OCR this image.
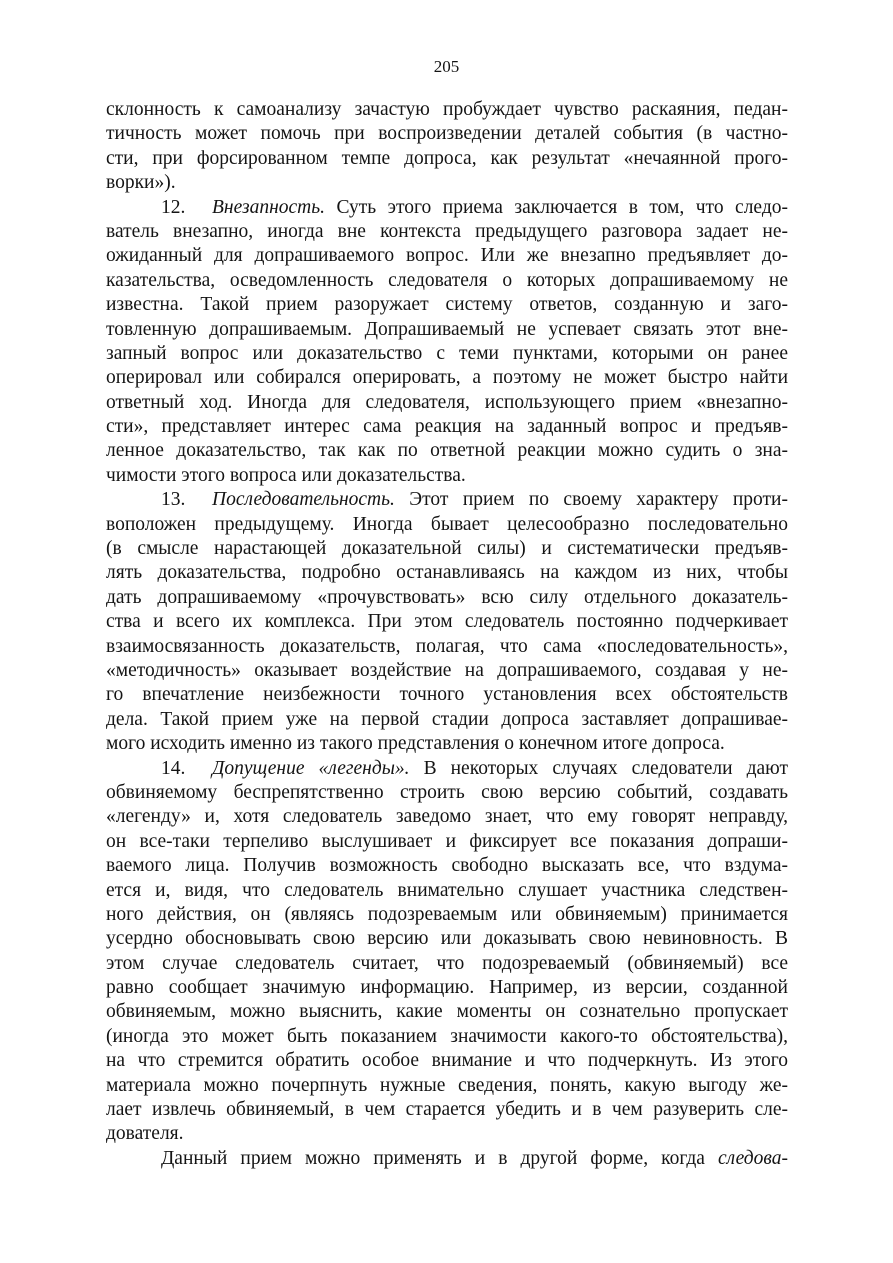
205
склонность к самоанализу зачастую пробуждает чувство раскаяния, педан-
тичность может помочь при воспроизведении деталей события (в частно-
сти, при форсированном темпе допроса, как результат «нечаянной прого-
ворки»).
12. Внезапность. Суть этого приема заключается в том, что следо-
ватель внезапно, иногда вне контекста предыдущего разговора задает не-
ожиданный для допрашиваемого вопрос. Или же внезапно предъявляет до-
казательства, осведомленность следователя о которых допрашиваемому не
известна. Такой прием разоружает систему ответов, созданную и заго-
товленную допрашиваемым. Допрашиваемый не успевает связать этот вне-
запный вопрос или доказательство с теми пунктами, которыми он ранее
оперировал или собирался оперировать, а поэтому не может быстро найти
ответный ход. Иногда для следователя, использующего прием «внезапно-
сти», представляет интерес сама реакция на заданный вопрос и предъяв-
ленное доказательство, так как по ответной реакции можно судить о зна-
чимости этого вопроса или доказательства.
13. Последовательность. Этот прием по своему характеру проти-
воположен предыдущему. Иногда бывает целесообразно последовательно
(в смысле нарастающей доказательной силы) и систематически предъяв-
лять доказательства, подробно останавливаясь на каждом из них, чтобы
дать допрашиваемому «прочувствовать» всю силу отдельного доказатель-
ства и всего их комплекса. При этом следователь постоянно подчеркивает
взаимосвязанность доказательств, полагая, что сама «последовательность»,
«методичность» оказывает воздействие на допрашиваемого, создавая у не-
го впечатление неизбежности точного установления всех обстоятельств
дела. Такой прием уже на первой стадии допроса заставляет допрашивае-
мого исходить именно из такого представления о конечном итоге допроса.
14. Допущение «легенды». В некоторых случаях следователи дают
обвиняемому беспрепятственно строить свою версию событий, создавать
«легенду» и, хотя следователь заведомо знает, что ему говорят неправду,
он все-таки терпеливо выслушивает и фиксирует все показания допраши-
ваемого лица. Получив возможность свободно высказать все, что вздума-
ется и, видя, что следователь внимательно слушает участника следствен-
ного действия, он (являясь подозреваемым или обвиняемым) принимается
усердно обосновывать свою версию или доказывать свою невиновность. В
этом случае следователь считает, что подозреваемый (обвиняемый) все
равно сообщает значимую информацию. Например, из версии, созданной
обвиняемым, можно выяснить, какие моменты он сознательно пропускает
(иногда это может быть показанием значимости какого-то обстоятельства),
на что стремится обратить особое внимание и что подчеркнуть. Из этого
материала можно почерпнуть нужные сведения, понять, какую выгоду же-
лает извлечь обвиняемый, в чем старается убедить и в чем разуверить сле-
дователя.
Данный прием можно применять и в другой форме, когда следова-
